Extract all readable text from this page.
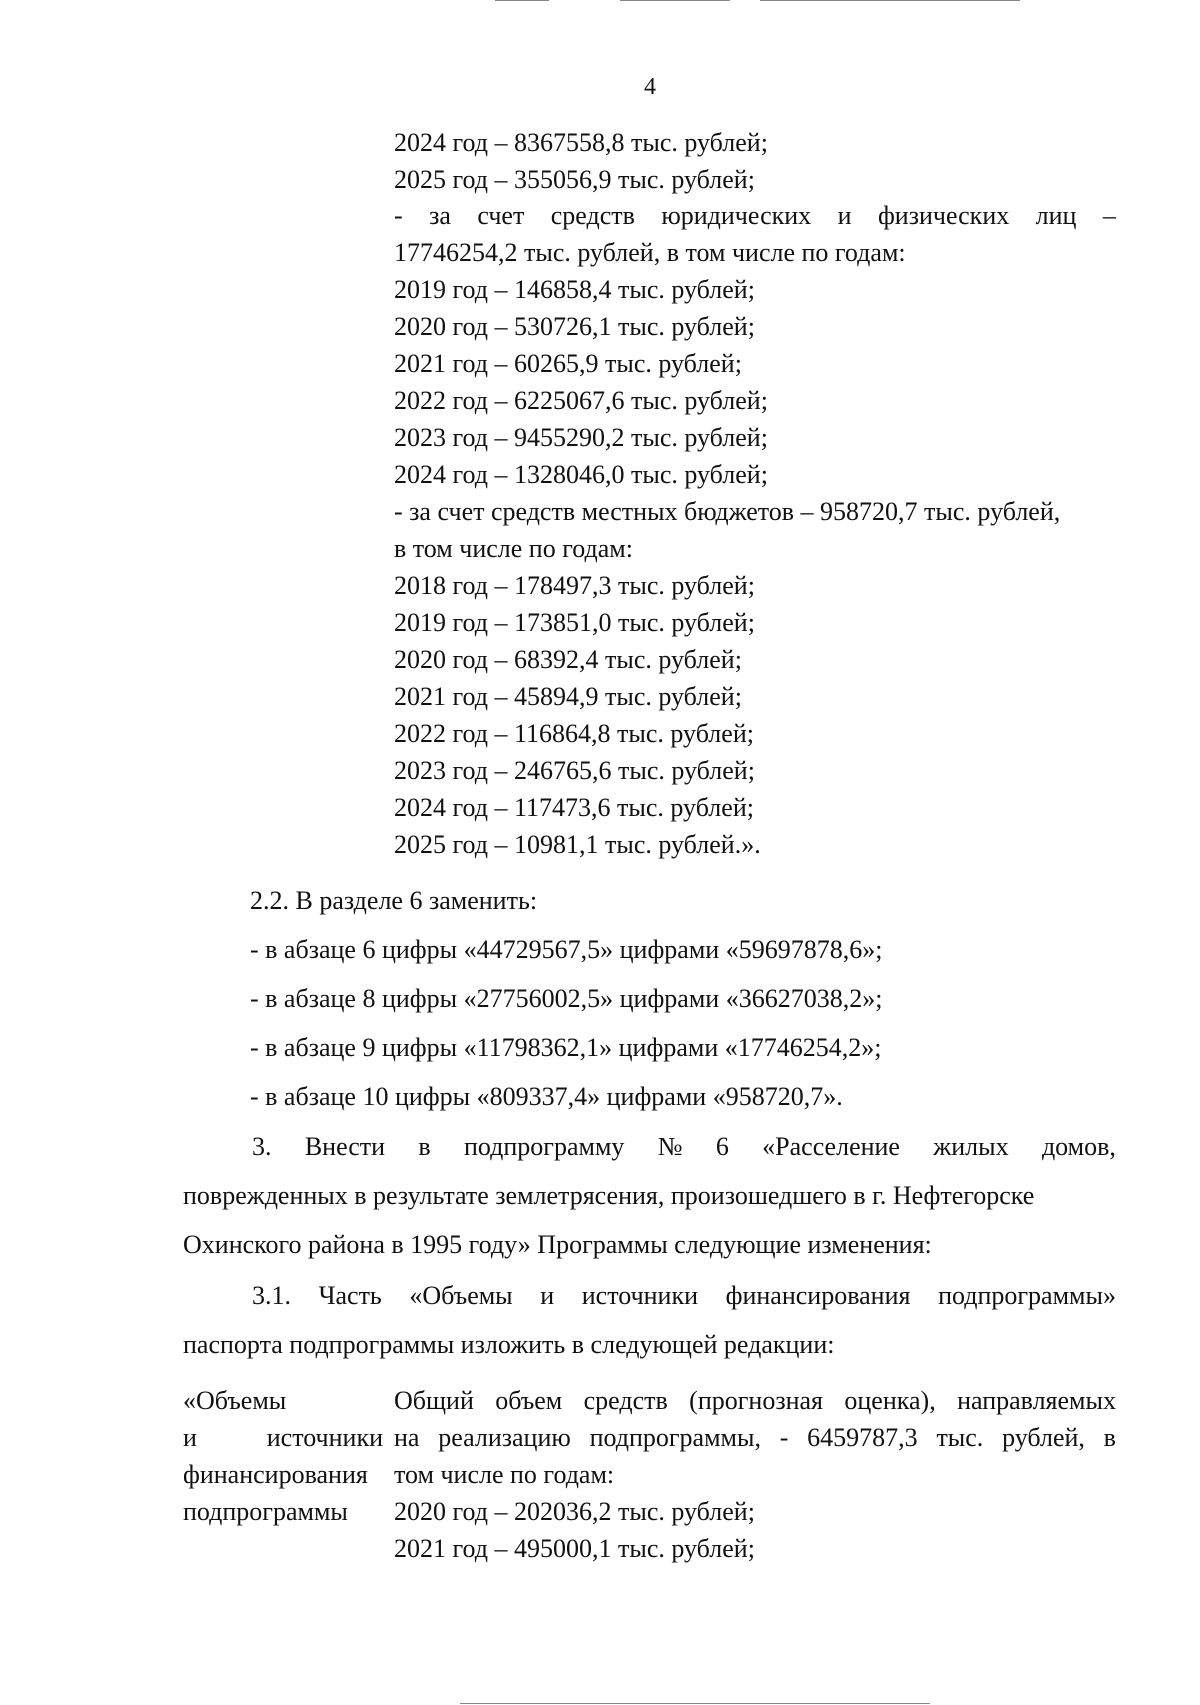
4
2024 год – 8367558,8 тыс. рублей;
2025 год – 355056,9 тыс. рублей;
- за счет средств юридических и физических лиц –
17746254,2 тыс. рублей, в том числе по годам:
2019 год – 146858,4 тыс. рублей;
2020 год – 530726,1 тыс. рублей;
2021 год – 60265,9 тыс. рублей;
2022 год – 6225067,6 тыс. рублей;
2023 год – 9455290,2 тыс. рублей;
2024 год – 1328046,0 тыс. рублей;
- за счет средств местных бюджетов – 958720,7 тыс. рублей,
в том числе по годам:
2018 год – 178497,3 тыс. рублей;
2019 год – 173851,0 тыс. рублей;
2020 год – 68392,4 тыс. рублей;
2021 год – 45894,9 тыс. рублей;
2022 год – 116864,8 тыс. рублей;
2023 год – 246765,6 тыс. рублей;
2024 год – 117473,6 тыс. рублей;
2025 год – 10981,1 тыс. рублей.».
2.2. В разделе 6 заменить:
- в абзаце 6 цифры «44729567,5» цифрами «59697878,6»;
- в абзаце 8 цифры «27756002,5» цифрами «36627038,2»;
- в абзаце 9 цифры «11798362,1» цифрами «17746254,2»;
- в абзаце 10 цифры «809337,4» цифрами «958720,7».
3. Внести в подпрограмму № 6 «Расселение жилых домов,
поврежденных в результате землетрясения, произошедшего в г. Нефтегорске
Охинского района в 1995 году» Программы следующие изменения:
3.1. Часть «Объемы и источники финансирования подпрограммы»
паспорта подпрограммы изложить в следующей редакции:
«Объемы
и	источники
финансирования
подпрограммы
Общий объем средств (прогнозная оценка), направляемых
на реализацию подпрограммы, - 6459787,3 тыс. рублей, в
том числе по годам:
2020 год – 202036,2 тыс. рублей;
2021 год – 495000,1 тыс. рублей;
